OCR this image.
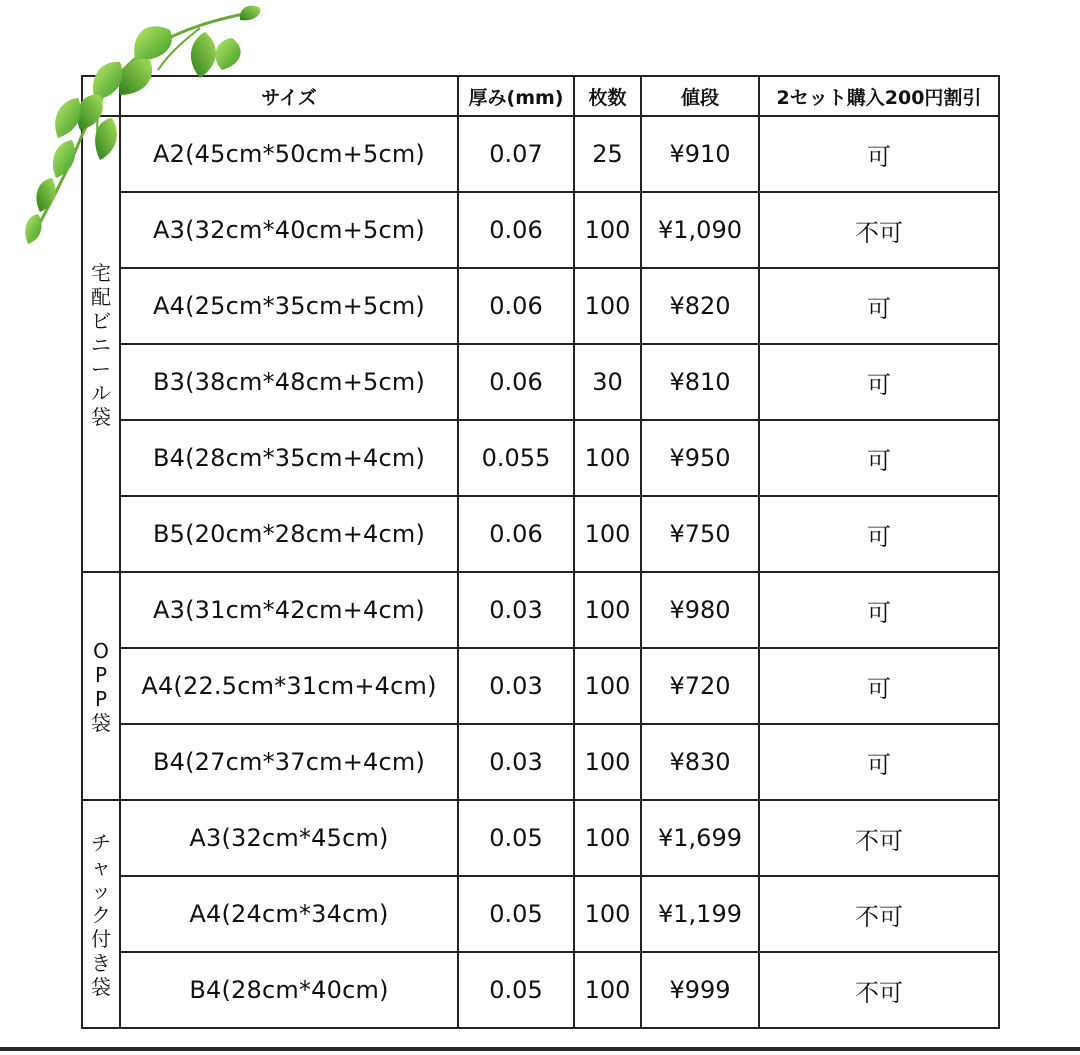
	サイズ	厚み(mm)	枚数	値段	2セット購入200円割引
宅配ビニール袋	A2(45cm*50cm+5cm)	0.07	25	¥910	可
	A3(32cm*40cm+5cm)	0.06	100	¥1,090	不可
	A4(25cm*35cm+5cm)	0.06	100	¥820	可
	B3(38cm*48cm+5cm)	0.06	30	¥810	可
	B4(28cm*35cm+4cm)	0.055	100	¥950	可
	B5(20cm*28cm+4cm)	0.06	100	¥750	可
OPP袋	A3(31cm*42cm+4cm)	0.03	100	¥980	可
	A4(22.5cm*31cm+4cm)	0.03	100	¥720	可
	B4(27cm*37cm+4cm)	0.03	100	¥830	可
チャック付き袋	A3(32cm*45cm)	0.05	100	¥1,699	不可
	A4(24cm*34cm)	0.05	100	¥1,199	不可
	B4(28cm*40cm)	0.05	100	¥999	不可
